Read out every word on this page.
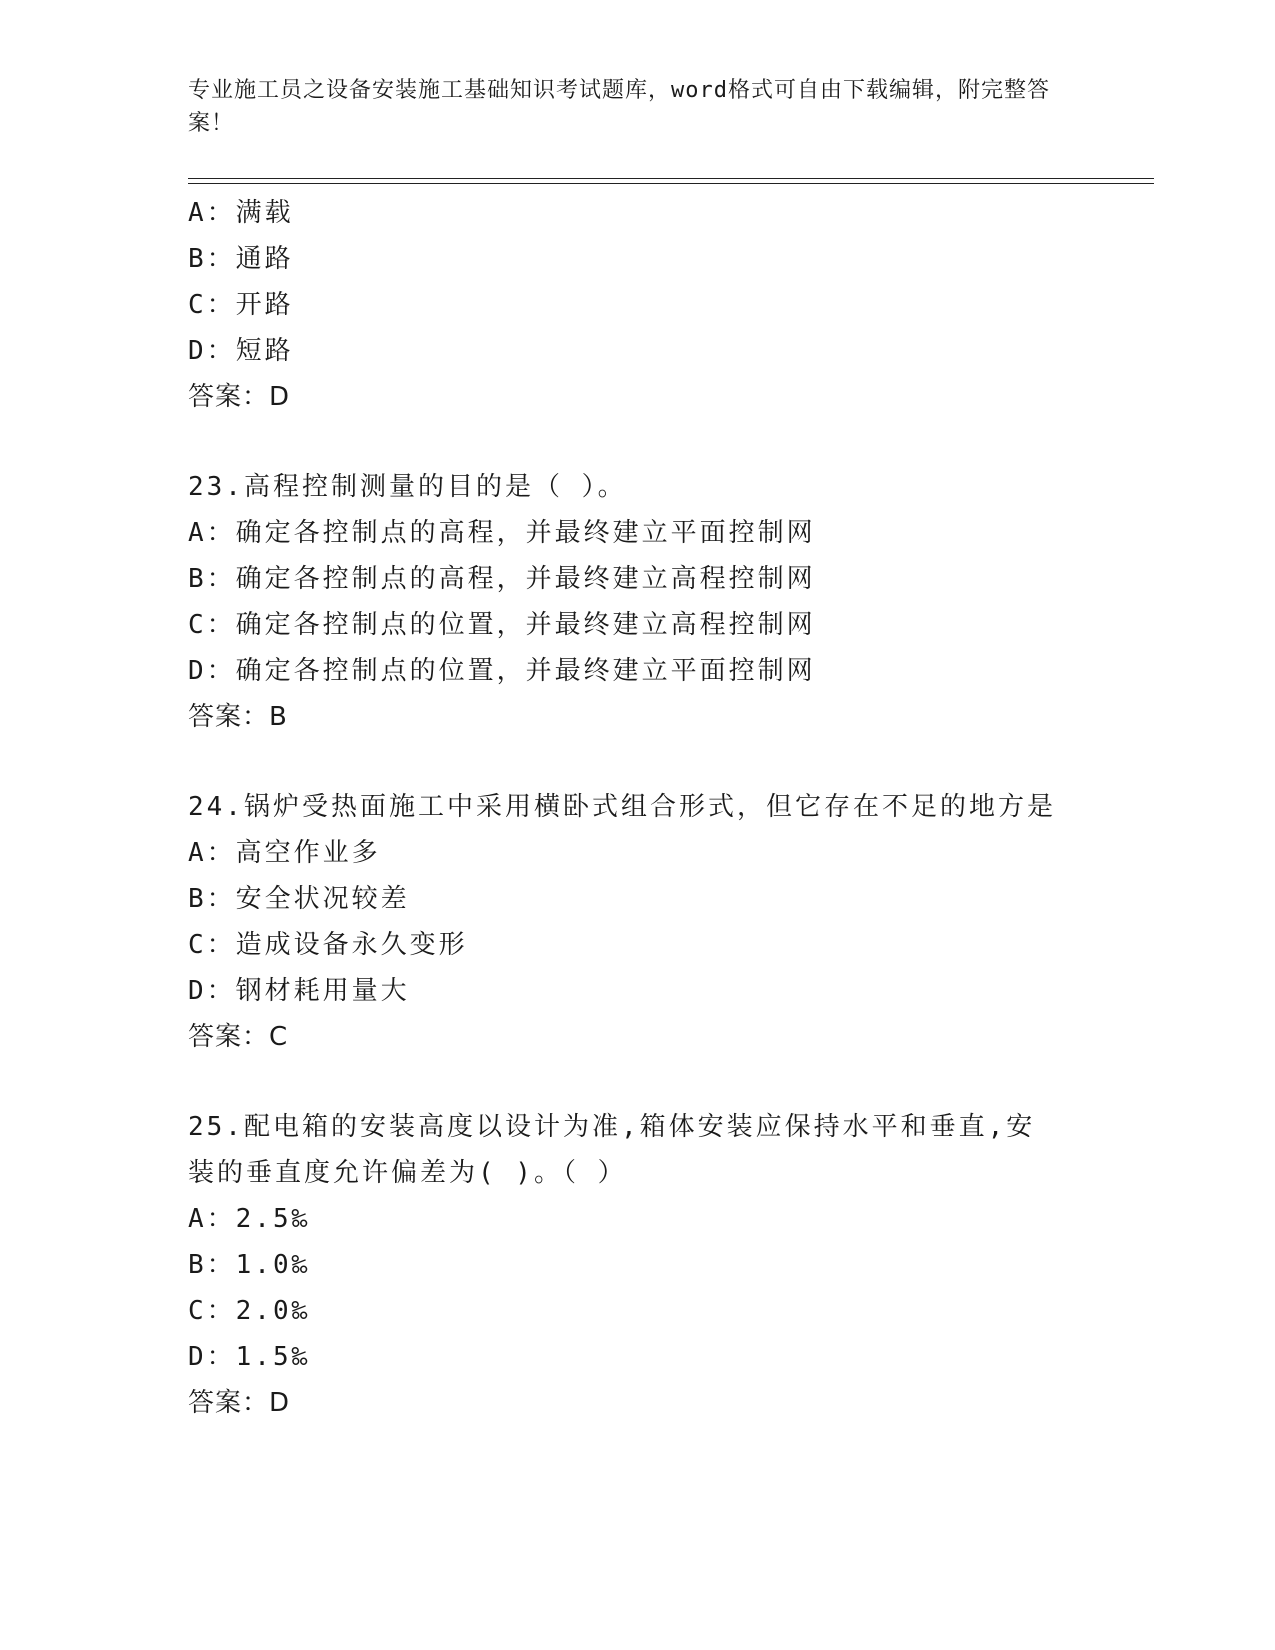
专业施工员之设备安装施工基础知识考试题库，word格式可自由下载编辑，附完整答案！
A：满载
B：通路
C：开路
D：短路
答案：D
23.高程控制测量的目的是（ ）。
A：确定各控制点的高程，并最终建立平面控制网
B：确定各控制点的高程，并最终建立高程控制网
C：确定各控制点的位置，并最终建立高程控制网
D：确定各控制点的位置，并最终建立平面控制网
答案：B
24.锅炉受热面施工中采用横卧式组合形式，但它存在不足的地方是
A：高空作业多
B：安全状况较差
C：造成设备永久变形
D：钢材耗用量大
答案：C
25.配电箱的安装高度以设计为准,箱体安装应保持水平和垂直,安装的垂直度允许偏差为( )。（ ）
A：2.5‰
B：1.0‰
C：2.0‰
D：1.5‰
答案：D
